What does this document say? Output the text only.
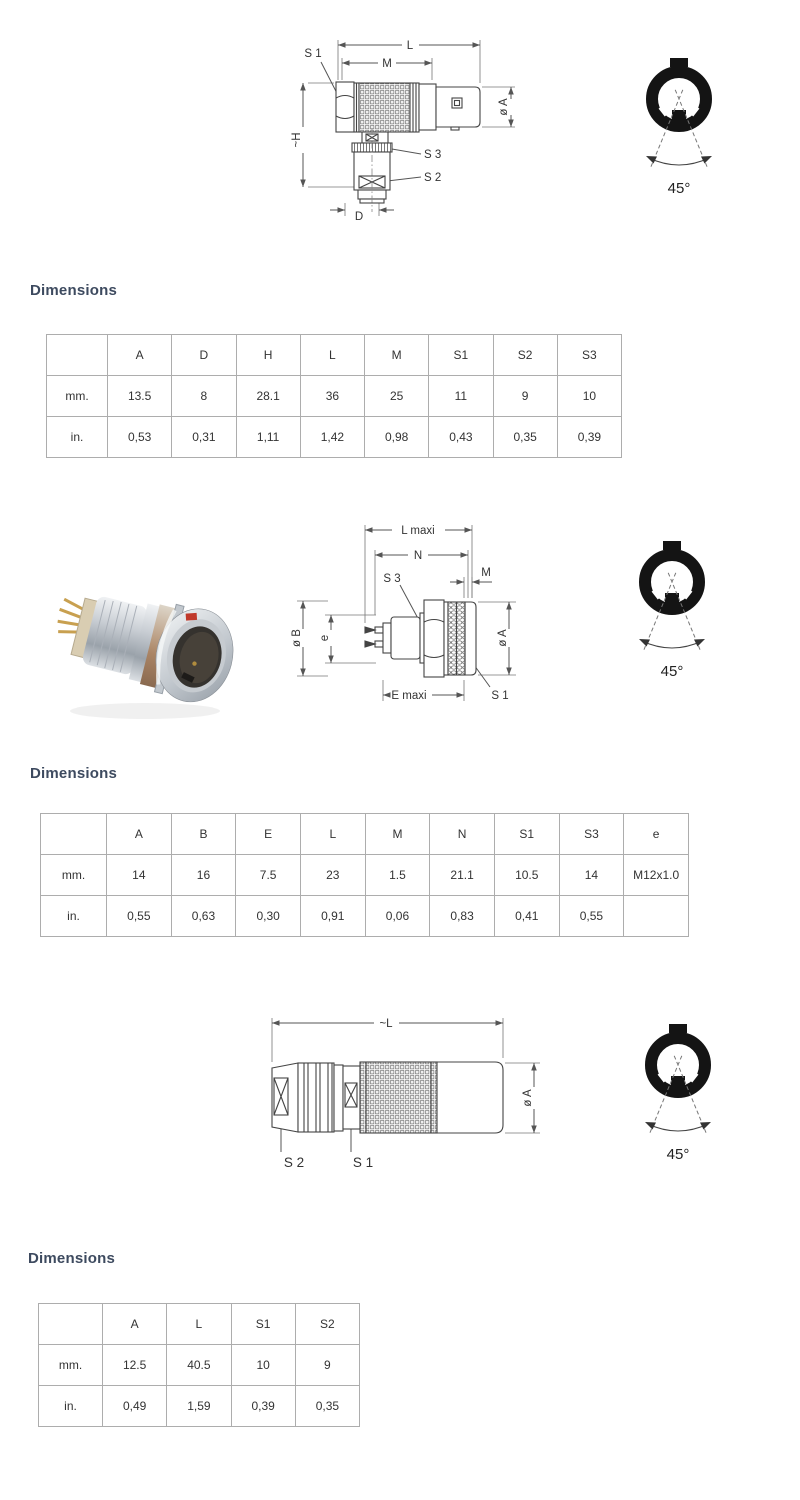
L
M
S 1
ø A
~H
S 3
S 2
D
45°
Dimensions
	A	D	H	L	M	S1	S2	S3
mm.	13.5	8	28.1	36	25	11	9	10
in.	0,53	0,31	1,11	1,42	0,98	0,43	0,35	0,39
L maxi
N
S 3	M
ø B e
E maxi	S 1
ø A
45°
Dimensions
	A	B	E	L	M	N	S1	S3	e
mm.	14	16	7.5	23	1.5	21.1	10.5	14	M12x1.0
in.	0,55	0,63	0,30	0,91	0,06	0,83	0,41	0,55	
~L
ø A
S 2	S 1	45°
Dimensions
	A	L	S1	S2
mm.	12.5	40.5	10	9
in.	0,49	1,59	0,39	0,35
